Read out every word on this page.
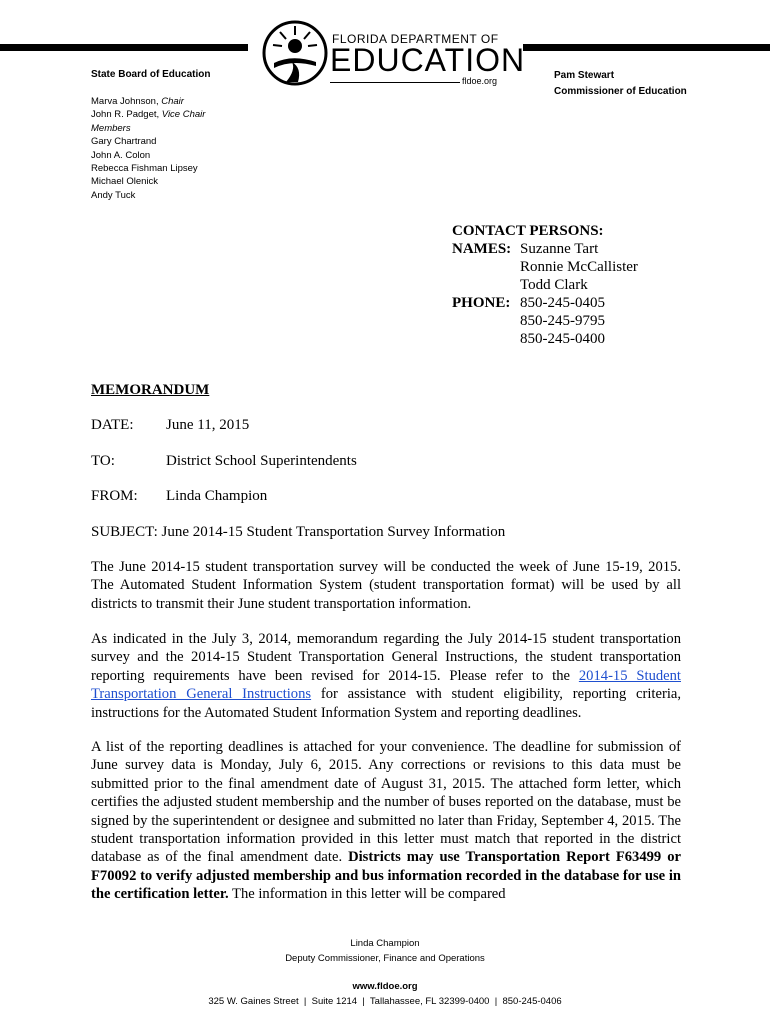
FLORIDA DEPARTMENT OF
EDUCATION
fldoe.org
State Board of Education
Marva Johnson, Chair
John R. Padget, Vice Chair
Members
Gary Chartrand
John A. Colon
Rebecca Fishman Lipsey
Michael Olenick
Andy Tuck
Pam Stewart
Commissioner of Education
CONTACT PERSONS:
NAMES: Suzanne Tart
Ronnie McCallister
Todd Clark
PHONE: 850-245-0405
850-245-9795
850-245-0400
MEMORANDUM
DATE: June 11, 2015
TO:	District School Superintendents
FROM: Linda Champion
SUBJECT: June 2014-15 Student Transportation Survey Information
The June 2014-15 student transportation survey will be conducted the week of June 15-19, 2015. The Automated Student Information System (student transportation format) will be used by all districts to transmit their June student transportation information.
As indicated in the July 3, 2014, memorandum regarding the July 2014-15 student transportation survey and the 2014-15 Student Transportation General Instructions, the student transportation reporting requirements have been revised for 2014-15. Please refer to the 2014-15 Student Transportation General Instructions for assistance with student eligibility, reporting criteria, instructions for the Automated Student Information System and reporting deadlines.
A list of the reporting deadlines is attached for your convenience. The deadline for submission of June survey data is Monday, July 6, 2015. Any corrections or revisions to this data must be submitted prior to the final amendment date of August 31, 2015. The attached form letter, which certifies the adjusted student membership and the number of buses reported on the database, must be signed by the superintendent or designee and submitted no later than Friday, September 4, 2015. The student transportation information provided in this letter must match that reported in the district database as of the final amendment date. Districts may use Transportation Report F63499 or F70092 to verify adjusted membership and bus information recorded in the database for use in the certification letter. The information in this letter will be compared
Linda Champion
Deputy Commissioner, Finance and Operations
www.fldoe.org
325 W. Gaines Street  |  Suite 1214  |  Tallahassee, FL 32399-0400  |  850-245-0406
